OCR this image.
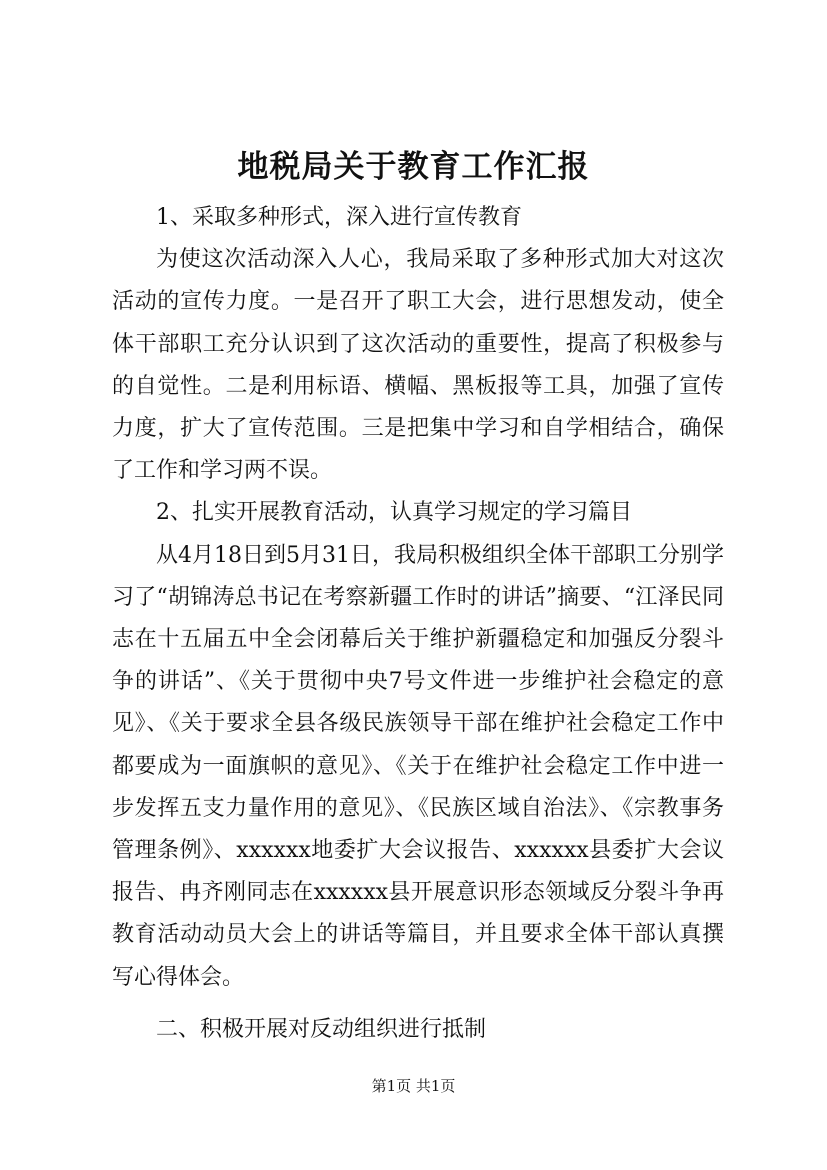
地税局关于教育工作汇报

1、采取多种形式，深入进行宣传教育

为使这次活动深入人心，我局采取了多种形式加大对这次活动的宣传力度。一是召开了职工大会，进行思想发动，使全体干部职工充分认识到了这次活动的重要性，提高了积极参与的自觉性。二是利用标语、横幅、黑板报等工具，加强了宣传力度，扩大了宣传范围。三是把集中学习和自学相结合，确保了工作和学习两不误。

2、扎实开展教育活动，认真学习规定的学习篇目

从4月18日到5月31日，我局积极组织全体干部职工分别学习了“胡锦涛总书记在考察新疆工作时的讲话”摘要、“江泽民同志在十五届五中全会闭幕后关于维护新疆稳定和加强反分裂斗争的讲话”、《关于贯彻中央7号文件进一步维护社会稳定的意见》、《关于要求全县各级民族领导干部在维护社会稳定工作中都要成为一面旗帜的意见》、《关于在维护社会稳定工作中进一步发挥五支力量作用的意见》、《民族区域自治法》、《宗教事务管理条例》、xxxxxx地委扩大会议报告、xxxxxx县委扩大会议报告、冉齐刚同志在xxxxxx县开展意识形态领域反分裂斗争再教育活动动员大会上的讲话等篇目，并且要求全体干部认真撰写心得体会。

二、积极开展对反动组织进行抵制

第1页 共1页
